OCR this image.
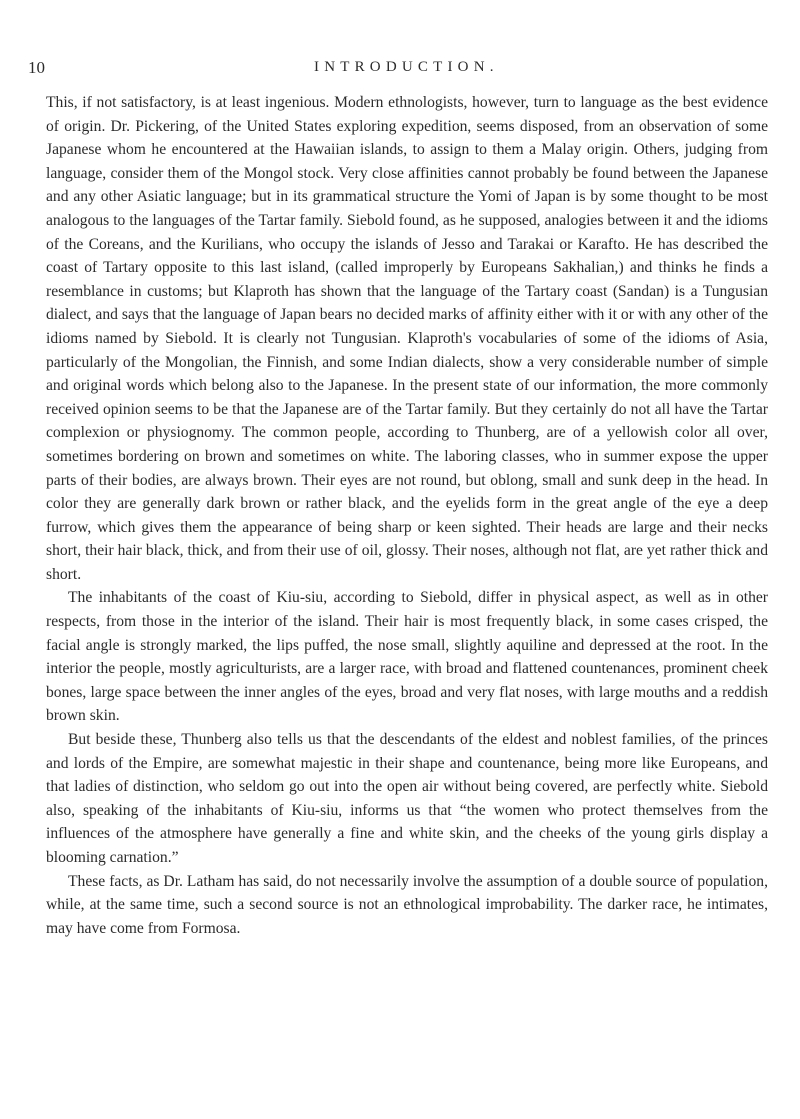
10	INTRODUCTION.

This, if not satisfactory, is at least ingenious. Modern ethnologists, however, turn to language as the best evidence of origin. Dr. Pickering, of the United States exploring expedition, seems disposed, from an observation of some Japanese whom he encountered at the Hawaiian islands, to assign to them a Malay origin. Others, judging from language, consider them of the Mongol stock. Very close affinities cannot probably be found between the Japanese and any other Asiatic language; but in its grammatical structure the Yomi of Japan is by some thought to be most analogous to the languages of the Tartar family. Siebold found, as he supposed, analogies between it and the idioms of the Coreans, and the Kurilians, who occupy the islands of Jesso and Tarakai or Karafto. He has described the coast of Tartary opposite to this last island, (called improperly by Europeans Sakhalian,) and thinks he finds a resemblance in customs; but Klaproth has shown that the language of the Tartary coast (Sandan) is a Tungusian dialect, and says that the language of Japan bears no decided marks of affinity either with it or with any other of the idioms named by Siebold. It is clearly not Tungusian. Klaproth's vocabularies of some of the idioms of Asia, particularly of the Mongolian, the Finnish, and some Indian dialects, show a very considerable number of simple and original words which belong also to the Japanese. In the present state of our information, the more commonly received opinion seems to be that the Japanese are of the Tartar family. But they certainly do not all have the Tartar complexion or physiognomy. The common people, according to Thunberg, are of a yellowish color all over, sometimes bordering on brown and sometimes on white. The laboring classes, who in summer expose the upper parts of their bodies, are always brown. Their eyes are not round, but oblong, small and sunk deep in the head. In color they are generally dark brown or rather black, and the eyelids form in the great angle of the eye a deep furrow, which gives them the appearance of being sharp or keen sighted. Their heads are large and their necks short, their hair black, thick, and from their use of oil, glossy. Their noses, although not flat, are yet rather thick and short.

The inhabitants of the coast of Kiu-siu, according to Siebold, differ in physical aspect, as well as in other respects, from those in the interior of the island. Their hair is most frequently black, in some cases crisped, the facial angle is strongly marked, the lips puffed, the nose small, slightly aquiline and depressed at the root. In the interior the people, mostly agriculturists, are a larger race, with broad and flattened countenances, prominent cheek bones, large space between the inner angles of the eyes, broad and very flat noses, with large mouths and a reddish brown skin.

But beside these, Thunberg also tells us that the descendants of the eldest and noblest families, of the princes and lords of the Empire, are somewhat majestic in their shape and countenance, being more like Europeans, and that ladies of distinction, who seldom go out into the open air without being covered, are perfectly white. Siebold also, speaking of the inhabitants of Kiu-siu, informs us that “the women who protect themselves from the influences of the atmosphere have generally a fine and white skin, and the cheeks of the young girls display a blooming carnation.”

These facts, as Dr. Latham has said, do not necessarily involve the assumption of a double source of population, while, at the same time, such a second source is not an ethnological improbability. The darker race, he intimates, may have come from Formosa.
